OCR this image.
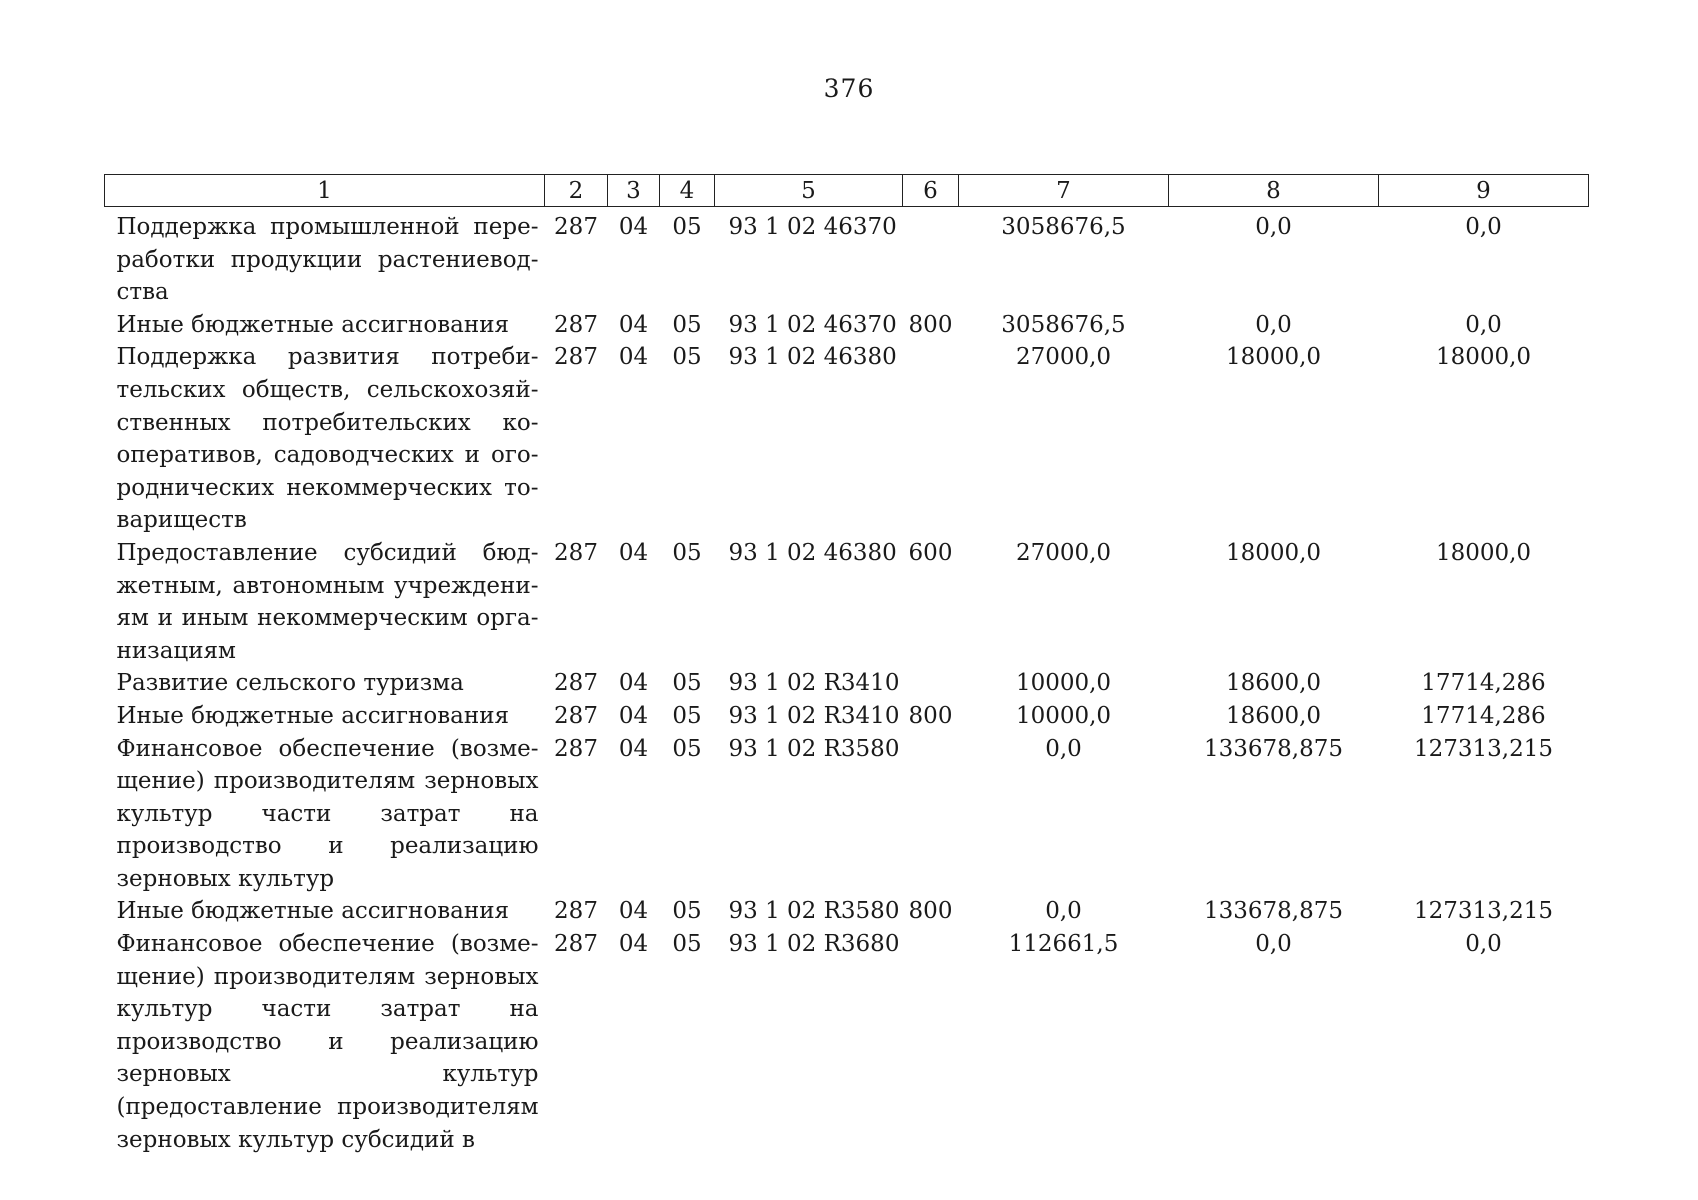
376
1	2	3	4	5	6	7	8	9
Поддержка промышленной переработки продукции растениеводства	287	04	05	93 1 02 46370		3058676,5	0,0	0,0
Иные бюджетные ассигнования	287	04	05	93 1 02 46370	800	3058676,5	0,0	0,0
Поддержка развития потребительских обществ, сельскохозяйственных потребительских кооперативов, садоводческих и огороднических некоммерческих товариществ	287	04	05	93 1 02 46380		27000,0	18000,0	18000,0
Предоставление субсидий бюджетным, автономным учреждениям и иным некоммерческим организациям	287	04	05	93 1 02 46380	600	27000,0	18000,0	18000,0
Развитие сельского туризма	287	04	05	93 1 02 R3410		10000,0	18600,0	17714,286
Иные бюджетные ассигнования	287	04	05	93 1 02 R3410	800	10000,0	18600,0	17714,286
Финансовое обеспечение (возмещение) производителям зерновых культур части затрат на производство и реализацию зерновых культур	287	04	05	93 1 02 R3580		0,0	133678,875	127313,215
Иные бюджетные ассигнования	287	04	05	93 1 02 R3580	800	0,0	133678,875	127313,215
Финансовое обеспечение (возмещение) производителям зерновых культур части затрат на производство и реализацию зерновых культур (предоставление производителям зерновых культур субсидий в	287	04	05	93 1 02 R3680		112661,5	0,0	0,0
